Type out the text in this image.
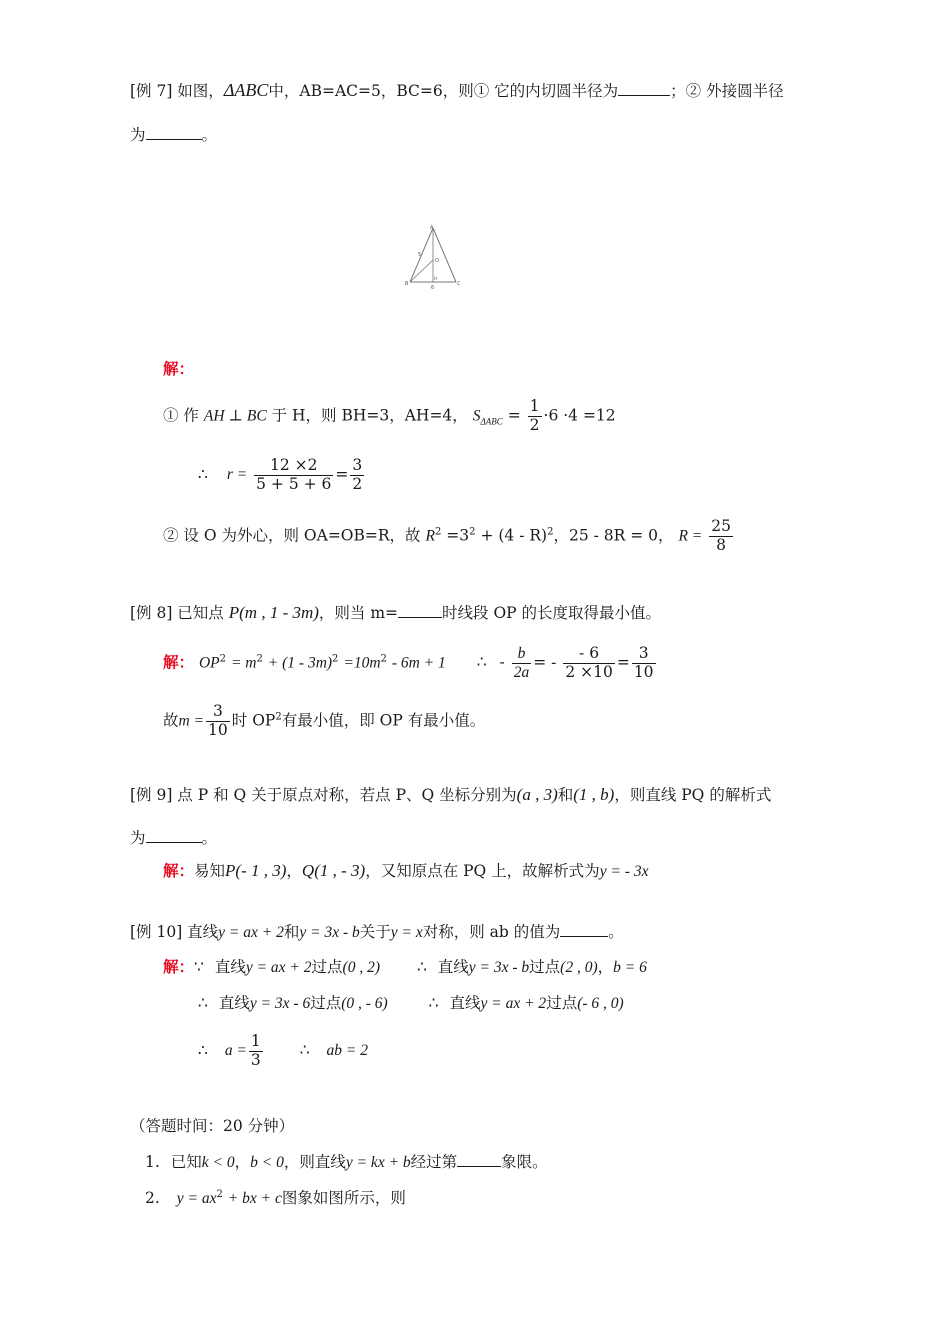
[例 7] 如图，ΔABC中，AB=AC=5，BC=6，则① 它的内切圆半径为	；② 外接圆半径
为	。
A
B	C
O
H
5
6
解：
① 作 AH ⊥ BC 于 H，则 BH=3，AH=4， $S_{\Delta ABC} = \frac{1}{2} \cdot 6 \cdot 4 =12$
∴ $r = \frac{12 \times 2}{5 + 5 + 6} = \frac{3}{2}$
② 设 O 为外心，则 OA=OB=R，故 $R^2 =3^2 + (4 - R)^2$，25 - 8R = 0， $R = \frac{25}{8}$
[例 8] 已知点 P(m , 1 - 3m)，则当 m=	时线段 OP 的长度取得最小值。
解： $OP^2 = m^2 + (1 - 3m)^2 =10m^2 - 6m + 1$ ∴ - $\frac{b}{2a}$ = - $\frac{- 6}{2 \times 10} = \frac{3}{10}$
故$m = \frac{3}{10}$ 时 $OP^2$有最小值，即 OP 有最小值。
[例 9] 点 P 和 Q 关于原点对称，若点 P、Q 坐标分别为(a , 3)和(1 , b)，则直线 PQ 的解析式
为	。
解：易知P(- 1 , 3)，Q(1 , - 3)，又知原点在 PQ 上，故解析式为y = - 3x
[例 10] 直线y = ax + 2和y = 3x - b关于y = x对称，则 ab 的值为	。
解：∵ 直线y = ax + 2过点(0 , 2) ∴ 直线y = 3x - b过点(2 , 0)，b = 6
∴ 直线y = 3x - 6过点(0 , - 6)	∴ 直线y = ax + 2过点(- 6 , 0)
∴ $a = \frac{1}{3}$ ∴ ab = 2
（答题时间：20 分钟）
1. 已知k < 0，b < 0，则直线y = kx + b经过第	象限。
2. $y = ax^2$ + bx + c图象如图所示，则
